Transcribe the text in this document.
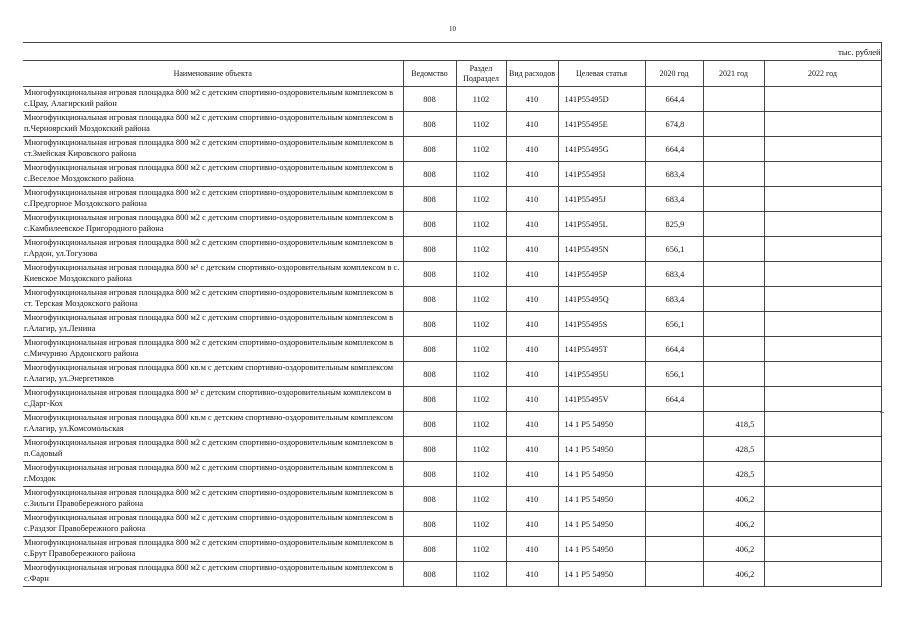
10
тыс. рублей							
Наименование объекта	Ведомство	Раздел Подраздел	Вид расходов	Целевая статья	2020 год	2021 год	2022 год
Многофункциональная игровая площадка 800 м2 с детским спортивно-оздоровительным комплексом в с.Црау, Алагирский район	808	1102	410	141P55495D	664,4		
Многофункциональная игровая площадка 800 м2 с детским спортивно-оздоровительным комплексом в п.Черноярский Моздокский района	808	1102	410	141P55495E	674,8		
Многофункциональная игровая площадка 800 м2 с детским спортивно-оздоровительным комплексом в ст.Змейская Кировского района	808	1102	410	141P55495G	664,4		
Многофункциональная игровая площадка 800 м2 с детским спортивно-оздоровительным комплексом в с.Веселое Моздокского района	808	1102	410	141P55495I	683,4		
Многофункциональная игровая площадка 800 м2 с детским спортивно-оздоровительным комплексом в с.Предгорное Моздокского района	808	1102	410	141P55495J	683,4		
Многофункциональная игровая площадка 800 м2 с детским спортивно-оздоровительным комплексом в с.Камбилеевское Пригородного района	808	1102	410	141P55495L	825,9		
Многофункциональная игровая площадка 800 м2 с детским спортивно-оздоровительным комплексом в г.Ардон, ул.Тогузова	808	1102	410	141P55495N	656,1		
Многофункциональная игровая площадка 800 м² с детским спортивно-оздоровительным комплексом в с. Киевское Моздокского района	808	1102	410	141P55495P	683,4		
Многофункциональная игровая площадка 800 м2 с детским спортивно-оздоровительным комплексом в ст. Терская Моздокского района	808	1102	410	141P55495Q	683,4		
Многофункциональная игровая площадка 800 м2 с детским спортивно-оздоровительным комплексом в г.Алагир, ул.Ленина	808	1102	410	141P55495S	656,1		
Многофункциональная игровая площадка 800 м2 с детским спортивно-оздоровительным комплексом в с.Мичурино Ардонского района	808	1102	410	141P55495T	664,4		
Многофункциональная игровая площадка 800 кв.м с детским спортивно-оздоровительным комплексом г.Алагир, ул.Энергетиков	808	1102	410	141P55495U	656,1		
Многофункциональная игровая площадка 800 м² с детским спортивно-оздоровительным комплексом в с.Дарг-Кох	808	1102	410	141P55495V	664,4		
Многофункциональная игровая площадка 800 кв.м с детским спортивно-оздоровительным комплексом г.Алагир, ул.Комсомольская	808	1102	410	14 1 P5 54950		418,5	
Многофункциональная игровая площадка 800 м2 с детским спортивно-оздоровительным комплексом в п.Садовый	808	1102	410	14 1 P5 54950		428,5	
Многофункциональная игровая площадка 800 м2 с детским спортивно-оздоровительным комплексом в г.Моздок	808	1102	410	14 1 P5 54950		428,5	
Многофункциональная игровая площадка 800 м2 с детским спортивно-оздоровительным комплексом в с.Зильги Правобережного района	808	1102	410	14 1 P5 54950		406,2	
Многофункциональная игровая площадка 800 м2 с детским спортивно-оздоровительным комплексом в с.Раздзог Правобережного района	808	1102	410	14 1 P5 54950		406,2	
Многофункциональная игровая площадка 800 м2 с детским спортивно-оздоровительным комплексом в с.Брут Правобережного района	808	1102	410	14 1 P5 54950		406,2	
Многофункциональная игровая площадка 800 м2 с детским спортивно-оздоровительным комплексом в с.Фарн	808	1102	410	14 1 P5 54950		406,2	
